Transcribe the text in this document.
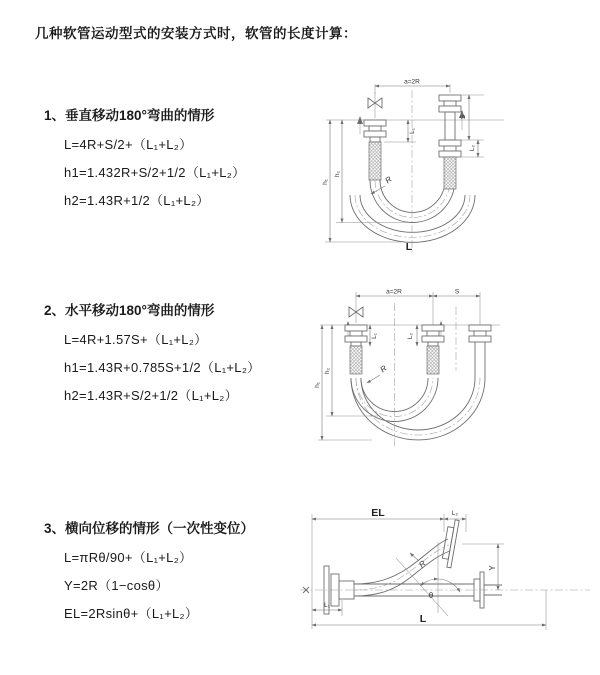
几种软管运动型式的安装方式时，软管的长度计算：
1、垂直移动180°弯曲的情形
L=4R+S/2+（L₁+L₂）
h1=1.432R+S/2+1/2（L₁+L₂）
h2=1.43R+1/2（L₁+L₂）
2、水平移动180°弯曲的情形
L=4R+1.57S+（L₁+L₂）
h1=1.43R+0.785S+1/2（L₁+L₂）
h2=1.43R+S/2+1/2（L₁+L₂）
3、横向位移的情形（一次性变位）
L=πRθ/90+（L₁+L₂）
Y=2R（1−cosθ）
EL=2Rsinθ+（L₁+L₂）
a=2R
L₁
S
L₂
h₁
h₂
R
L
a=2R	S
L₁	L₂
h₁
h₂	R
θ
R
EL	L₂
Y
L₁
L
